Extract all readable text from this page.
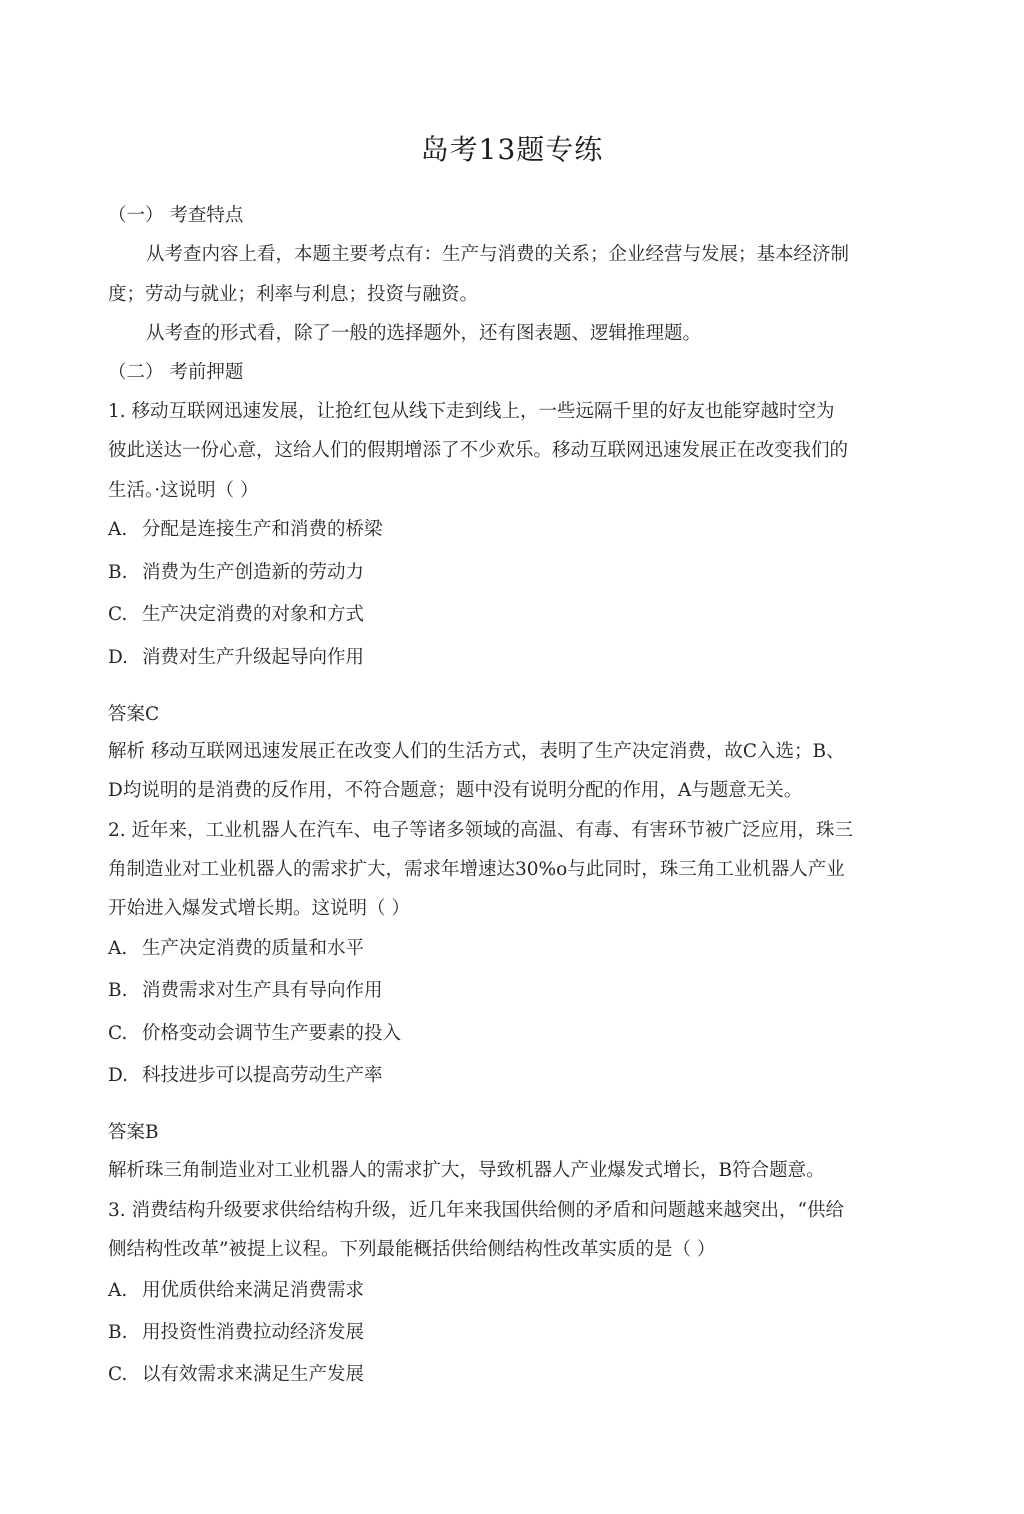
岛考13题专练
（一） 考查特点
从考查内容上看，本题主要考点有：生产与消费的关系；企业经营与发展；基本经济制
度；劳动与就业；利率与利息；投资与融资。
从考查的形式看，除了一般的选择题外，还有图表题、逻辑推理题。
（二） 考前押题
1. 移动互联网迅速发展，让抢红包从线下走到线上，一些远隔千里的好友也能穿越时空为
彼此送达一份心意，这给人们的假期增添了不少欢乐。移动互联网迅速发展正在改变我们的
生活。·这说明（ ）
A. 分配是连接生产和消费的桥梁
B. 消费为生产创造新的劳动力
C. 生产决定消费的对象和方式
D. 消费对生产升级起导向作用
答案C
解析 移动互联网迅速发展正在改变人们的生活方式，表明了生产决定消费，故C入选；B、
D均说明的是消费的反作用，不符合题意；题中没有说明分配的作用，A与题意无关。
2. 近年来，工业机器人在汽车、电子等诸多领域的高温、有毒、有害环节被广泛应用，珠三
角制造业对工业机器人的需求扩大，需求年增速达30%o与此同时，珠三角工业机器人产业
开始进入爆发式增长期。这说明（ ）
A. 生产决定消费的质量和水平
B. 消费需求对生产具有导向作用
C. 价格变动会调节生产要素的投入
D. 科技进步可以提高劳动生产率
答案B
解析珠三角制造业对工业机器人的需求扩大，导致机器人产业爆发式增长，B符合题意。
3. 消费结构升级要求供给结构升级，近几年来我国供给侧的矛盾和问题越来越突出，“供给
侧结构性改革”被提上议程。下列最能概括供给侧结构性改革实质的是（ ）
A. 用优质供给来满足消费需求
B. 用投资性消费拉动经济发展
C. 以有效需求来满足生产发展
